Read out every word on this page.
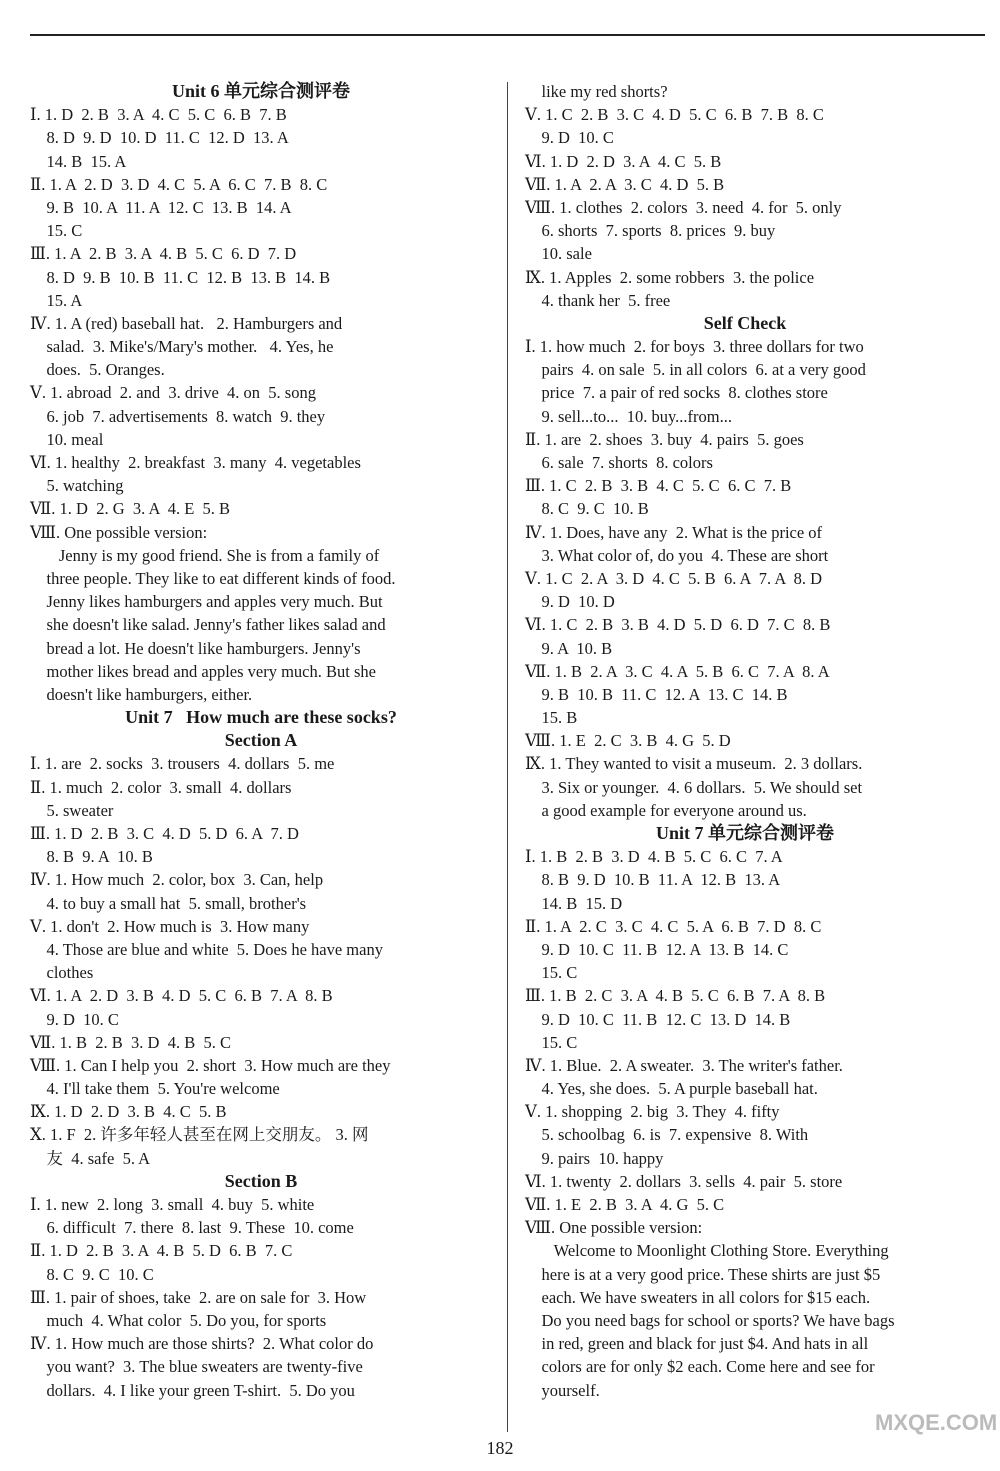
Unit 6 单元综合测评卷
Ⅰ. 1. D  2. B  3. A  4. C  5. C  6. B  7. B
8. D  9. D  10. D  11. C  12. D  13. A
14. B  15. A
Ⅱ. 1. A  2. D  3. D  4. C  5. A  6. C  7. B  8. C
9. B  10. A  11. A  12. C  13. B  14. A
15. C
Ⅲ. 1. A  2. B  3. A  4. B  5. C  6. D  7. D
8. D  9. B  10. B  11. C  12. B  13. B  14. B
15. A
Ⅳ. 1. A (red) baseball hat.   2. Hamburgers and
salad.  3. Mike's/Mary's mother.   4. Yes, he
does.  5. Oranges.
Ⅴ. 1. abroad  2. and  3. drive  4. on  5. song
6. job  7. advertisements  8. watch  9. they
10. meal
Ⅵ. 1. healthy  2. breakfast  3. many  4. vegetables
5. watching
Ⅶ. 1. D  2. G  3. A  4. E  5. B
Ⅷ. One possible version:
Jenny is my good friend. She is from a family of
three people. They like to eat different kinds of food.
Jenny likes hamburgers and apples very much. But
she doesn't like salad. Jenny's father likes salad and
bread a lot. He doesn't like hamburgers. Jenny's
mother likes bread and apples very much. But she
doesn't like hamburgers, either.
Unit 7   How much are these socks?
Section A
Ⅰ. 1. are  2. socks  3. trousers  4. dollars  5. me
Ⅱ. 1. much  2. color  3. small  4. dollars
5. sweater
Ⅲ. 1. D  2. B  3. C  4. D  5. D  6. A  7. D
8. B  9. A  10. B
Ⅳ. 1. How much  2. color, box  3. Can, help
4. to buy a small hat  5. small, brother's
Ⅴ. 1. don't  2. How much is  3. How many
4. Those are blue and white  5. Does he have many
clothes
Ⅵ. 1. A  2. D  3. B  4. D  5. C  6. B  7. A  8. B
9. D  10. C
Ⅶ. 1. B  2. B  3. D  4. B  5. C
Ⅷ. 1. Can I help you  2. short  3. How much are they
4. I'll take them  5. You're welcome
Ⅸ. 1. D  2. D  3. B  4. C  5. B
Ⅹ. 1. F  2. 许多年轻人甚至在网上交朋友。 3. 网
友  4. safe  5. A
Section B
Ⅰ. 1. new  2. long  3. small  4. buy  5. white
6. difficult  7. there  8. last  9. These  10. come
Ⅱ. 1. D  2. B  3. A  4. B  5. D  6. B  7. C
8. C  9. C  10. C
Ⅲ. 1. pair of shoes, take  2. are on sale for  3. How
much  4. What color  5. Do you, for sports
Ⅳ. 1. How much are those shirts?  2. What color do
you want?  3. The blue sweaters are twenty-five
dollars.  4. I like your green T-shirt.  5. Do you
like my red shorts?
Ⅴ. 1. C  2. B  3. C  4. D  5. C  6. B  7. B  8. C
9. D  10. C
Ⅵ. 1. D  2. D  3. A  4. C  5. B
Ⅶ. 1. A  2. A  3. C  4. D  5. B
Ⅷ. 1. clothes  2. colors  3. need  4. for  5. only
6. shorts  7. sports  8. prices  9. buy
10. sale
Ⅸ. 1. Apples  2. some robbers  3. the police
4. thank her  5. free
Self Check
Ⅰ. 1. how much  2. for boys  3. three dollars for two
pairs  4. on sale  5. in all colors  6. at a very good
price  7. a pair of red socks  8. clothes store
9. sell...to...  10. buy...from...
Ⅱ. 1. are  2. shoes  3. buy  4. pairs  5. goes
6. sale  7. shorts  8. colors
Ⅲ. 1. C  2. B  3. B  4. C  5. C  6. C  7. B
8. C  9. C  10. B
Ⅳ. 1. Does, have any  2. What is the price of
3. What color of, do you  4. These are short
Ⅴ. 1. C  2. A  3. D  4. C  5. B  6. A  7. A  8. D
9. D  10. D
Ⅵ. 1. C  2. B  3. B  4. D  5. D  6. D  7. C  8. B
9. A  10. B
Ⅶ. 1. B  2. A  3. C  4. A  5. B  6. C  7. A  8. A
9. B  10. B  11. C  12. A  13. C  14. B
15. B
Ⅷ. 1. E  2. C  3. B  4. G  5. D
Ⅸ. 1. They wanted to visit a museum.  2. 3 dollars.
3. Six or younger.  4. 6 dollars.  5. We should set
a good example for everyone around us.
Unit 7 单元综合测评卷
Ⅰ. 1. B  2. B  3. D  4. B  5. C  6. C  7. A
8. B  9. D  10. B  11. A  12. B  13. A
14. B  15. D
Ⅱ. 1. A  2. C  3. C  4. C  5. A  6. B  7. D  8. C
9. D  10. C  11. B  12. A  13. B  14. C
15. C
Ⅲ. 1. B  2. C  3. A  4. B  5. C  6. B  7. A  8. B
9. D  10. C  11. B  12. C  13. D  14. B
15. C
Ⅳ. 1. Blue.  2. A sweater.  3. The writer's father.
4. Yes, she does.  5. A purple baseball hat.
Ⅴ. 1. shopping  2. big  3. They  4. fifty
5. schoolbag  6. is  7. expensive  8. With
9. pairs  10. happy
Ⅵ. 1. twenty  2. dollars  3. sells  4. pair  5. store
Ⅶ. 1. E  2. B  3. A  4. G  5. C
Ⅷ. One possible version:
Welcome to Moonlight Clothing Store. Everything
here is at a very good price. These shirts are just $5
each. We have sweaters in all colors for $15 each.
Do you need bags for school or sports? We have bags
in red, green and black for just $4. And hats in all
colors are for only $2 each. Come here and see for
yourself.
182
MXQE.COM
